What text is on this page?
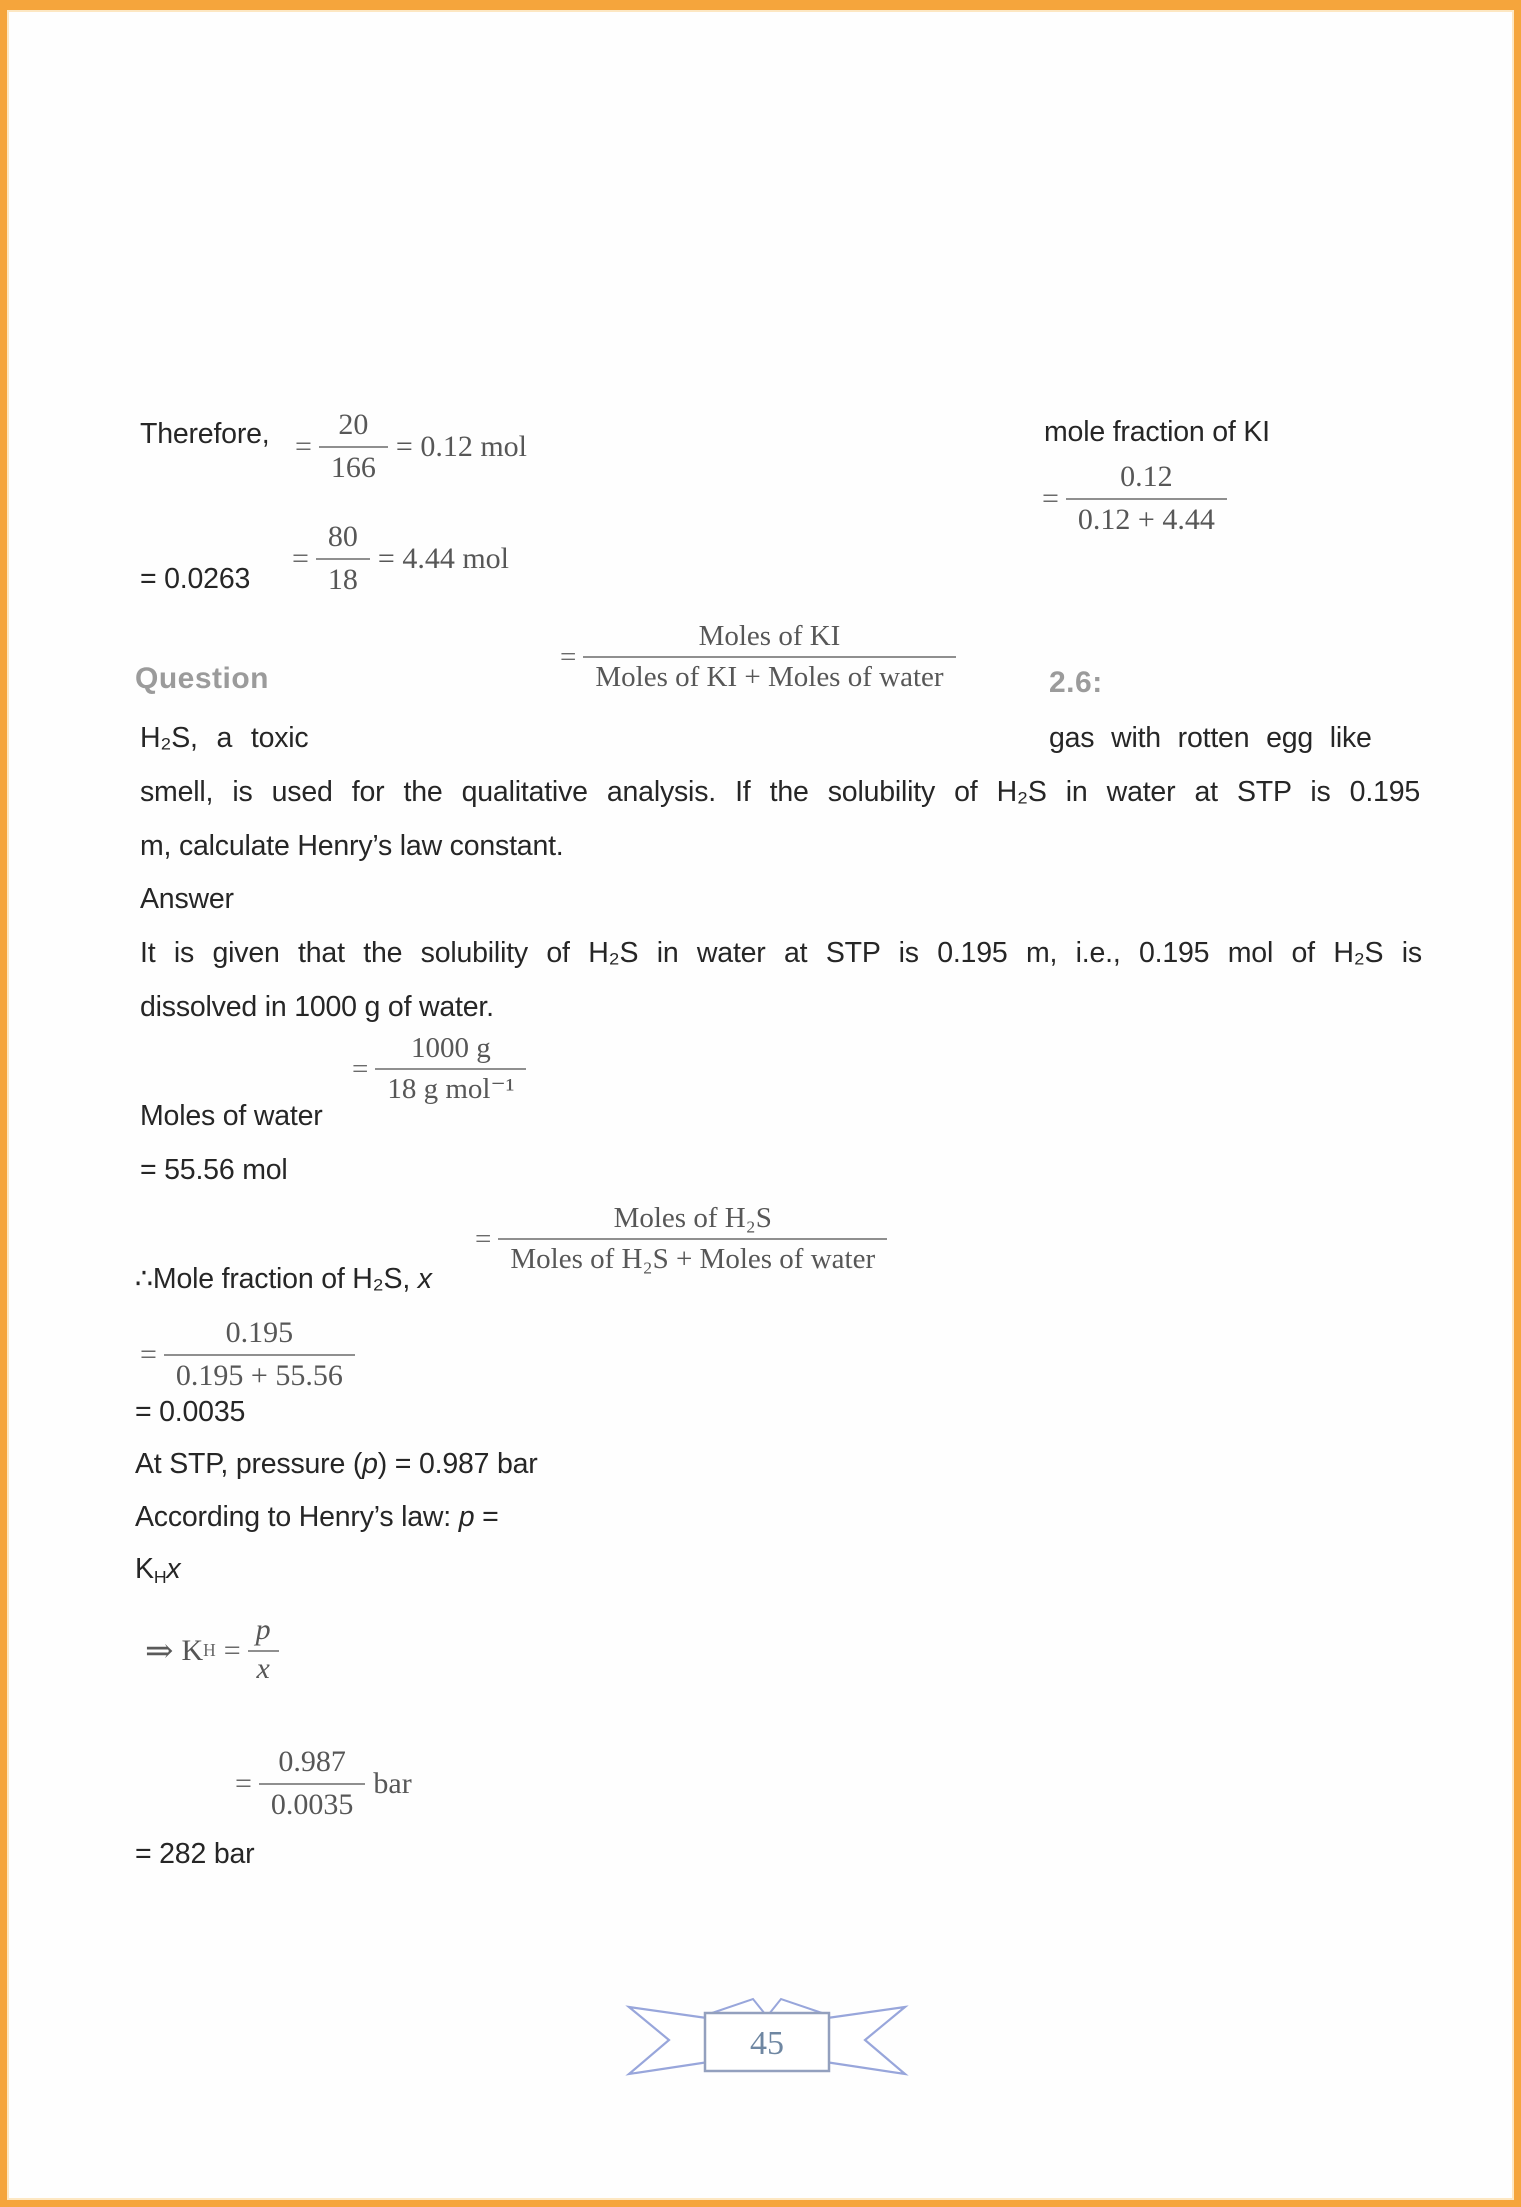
Therefore, =
20
166
= 0.12 mol	mole fraction of KI
=
0.12
0.12 + 4.44
= 0.0263
=
80
18
= 4.44 mol
Question
=
Moles of KI
Moles of KI + Moles of water	2.6:
H₂S, a toxic	gas with rotten egg like
smell, is used for the qualitative analysis. If the solubility of H₂S in water at STP is 0.195
m, calculate Henry’s law constant.
Answer
It is given that the solubility of H₂S in water at STP is 0.195 m, i.e., 0.195 mol of H₂S is
dissolved in 1000 g of water.
=
1000 g
18 g mol⁻¹
Moles of water
= 55.56 mol
∴Mole fraction of H₂S, x
=
Moles of H₂S
Moles of H₂S + Moles of water
=
0.195
0.195 + 55.56
= 0.0035
At STP, pressure (p) = 0.987 bar
According to Henry’s law: p =
KHx
⇒ K H =
p
x
=
0.987
0.0035
bar
= 282 bar
45
